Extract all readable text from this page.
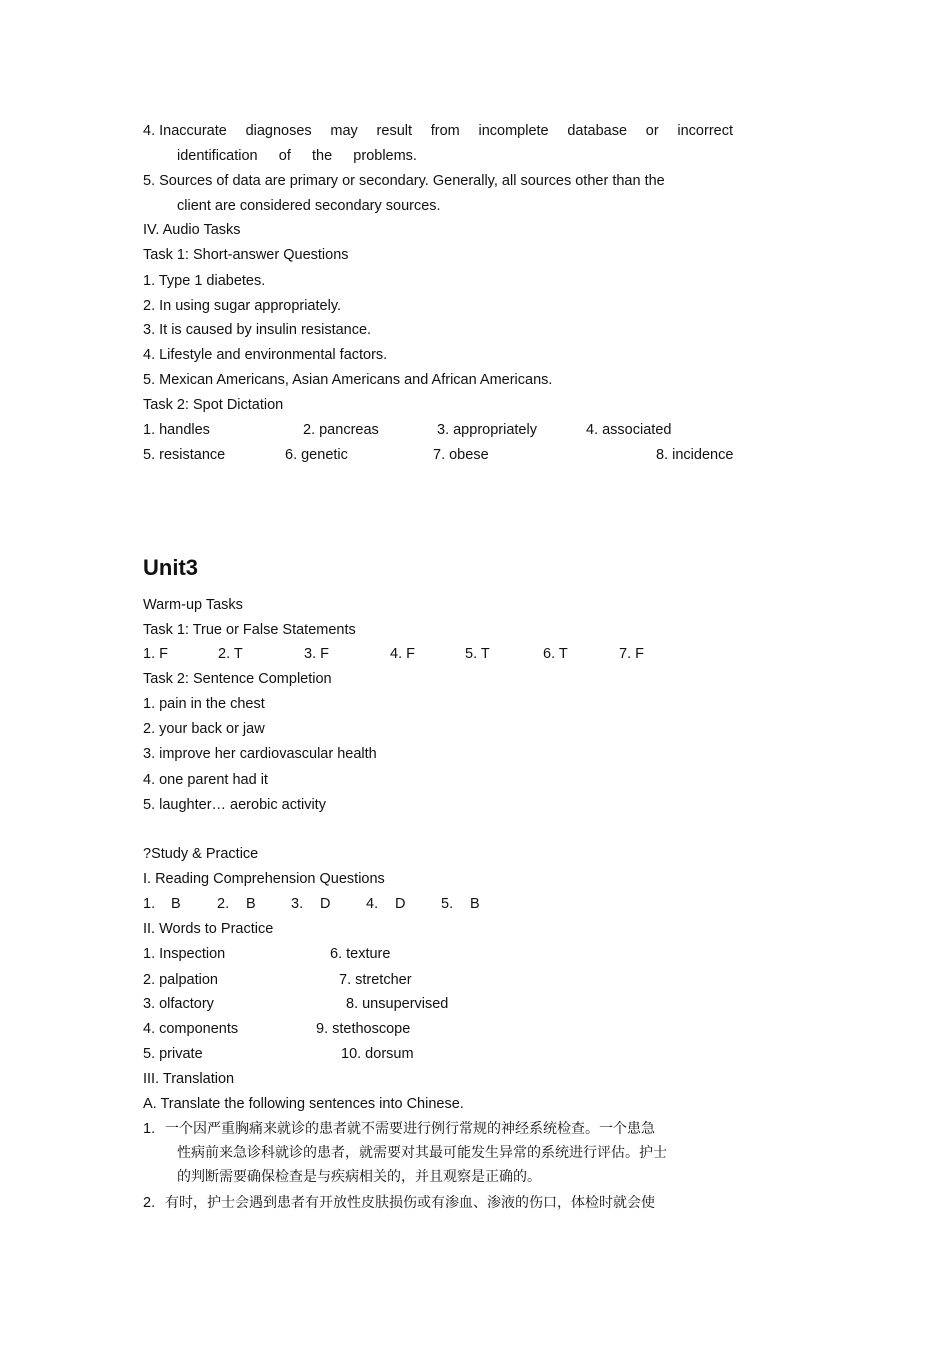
4. Inaccurate diagnoses may result from incomplete database or incorrect
identification of the problems.
5. Sources of data are primary or secondary. Generally, all sources other than the
client are considered secondary sources.
IV. Audio Tasks
Task 1: Short-answer Questions
1. Type 1 diabetes.
2. In using sugar appropriately.
3. It is caused by insulin resistance.
4. Lifestyle and environmental factors.
5. Mexican Americans, Asian Americans and African Americans.
Task 2: Spot Dictation
1. handles	2. pancreas	3. appropriately	4. associated
5. resistance	6. genetic	7. obese	8. incidence
Unit3
Warm-up Tasks
Task 1: True or False Statements
1. F	2. T	3. F	4. F	5. T	6. T	7. F
Task 2: Sentence Completion
1. pain in the chest
2. your back or jaw
3. improve her cardiovascular health
4. one parent had it
5. laughter… aerobic activity
?Study & Practice
I. Reading Comprehension Questions
1. B	2. B 3. D 4. D 5. B
II. Words to Practice
1. Inspection	6. texture
2. palpation	7. stretcher
3. olfactory	8. unsupervised
4. components	9. stethoscope
5. private	10. dorsum
III. Translation
A. Translate the following sentences into Chinese.
1. 一个因严重胸痛来就诊的患者就不需要进行例行常规的神经系统检查。一个患急
性病前来急诊科就诊的患者，就需要对其最可能发生异常的系统进行评估。护士
的判断需要确保检查是与疾病相关的，并且观察是正确的。
2. 有时，护士会遇到患者有开放性皮肤损伤或有渗血、渗液的伤口，体检时就会使
